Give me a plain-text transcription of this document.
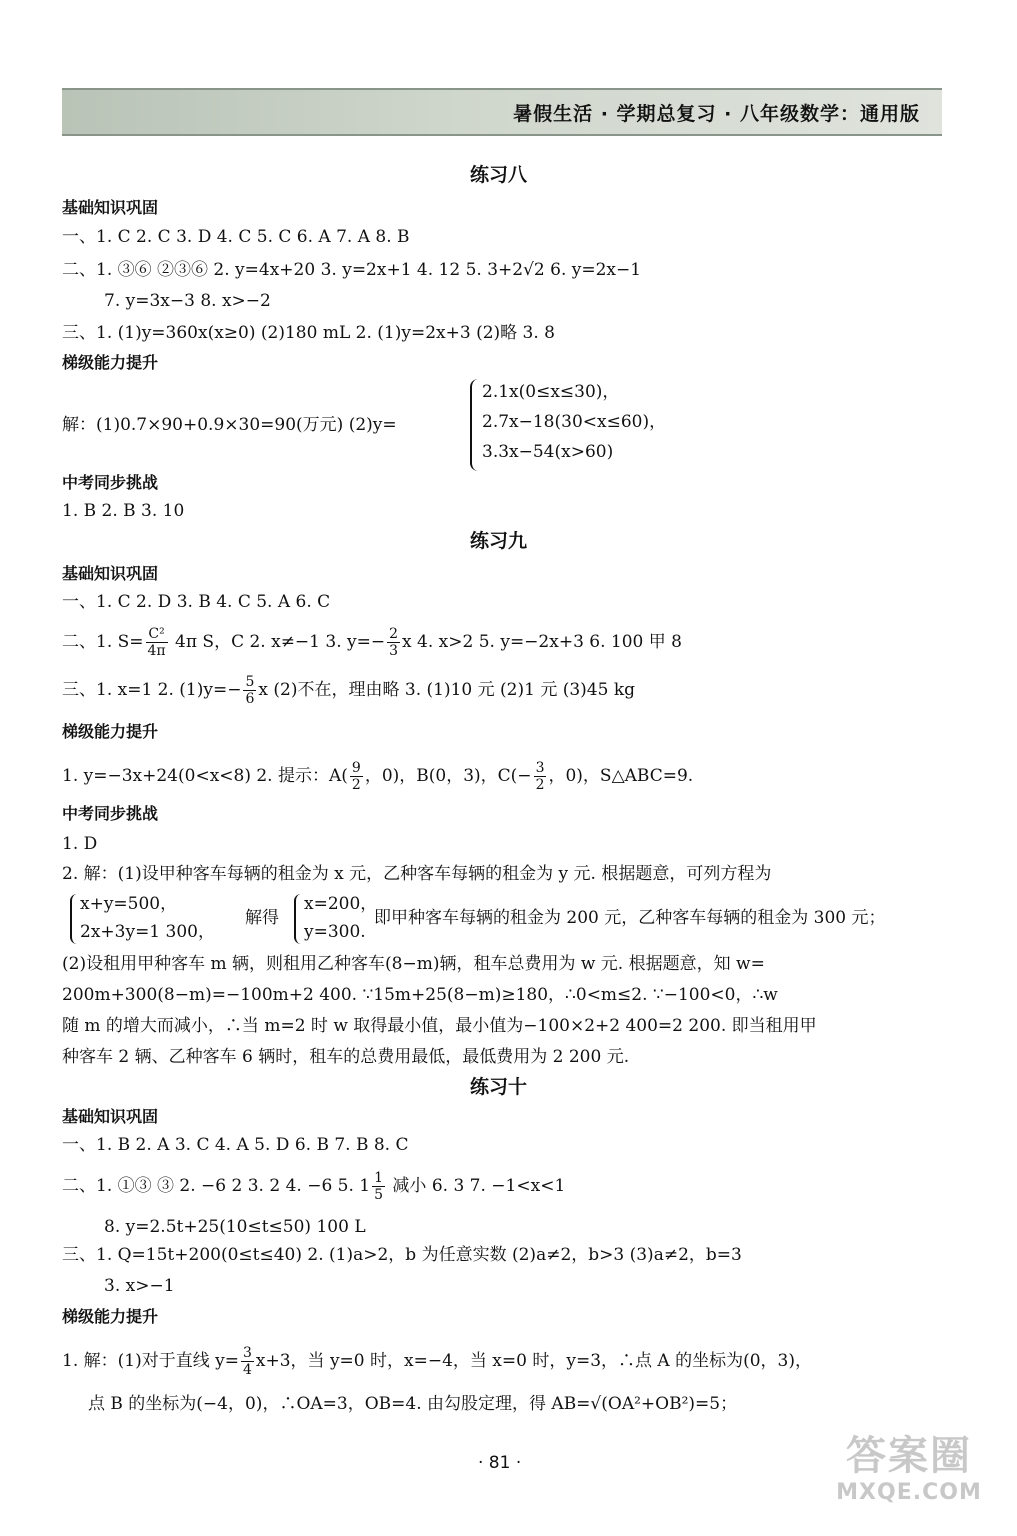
暑假生活 · 学期总复习 · 八年级数学：通用版
练习八
基础知识巩固
一、1. C 2. C 3. D 4. C 5. C 6. A 7. A 8. B
二、1. ③⑥ ②③⑥ 2. y=4x+20 3. y=2x+1 4. 12 5. 3+2√2 6. y=2x−1
7. y=3x−3 8. x>−2
三、1. (1)y=360x(x≥0) (2)180 mL 2. (1)y=2x+3 (2)略 3. 8
梯级能力提升
解：(1)0.7×90+0.9×30=90(万元) (2)y=
2.1x(0≤x≤30)，
2.7x−18(30<x≤60)，
3.3x−54(x>60)
中考同步挑战
1. B 2. B 3. 10
练习九
基础知识巩固
一、1. C 2. D 3. B 4. C 5. A 6. C
二、1. $S= \frac{\text{C²}}{4\pi} 4\pi$ S，C 2. x≠−1 3. $y=- \frac{2}{3}$ x 4. x>2 5. y=−2x+3 6. 100 甲 8
三、1. x=1 2. $(1)y=- \frac{5}{6}$ x (2)不在，理由略 3. (1)10 元 (2)1 元 (3)45 kg
梯级能力提升
1. y=−3x+24(0<x<8) 2. 提示：$A( \frac{9}{2}$ ，0)，B(0，3)，$C(- \frac{3}{2}$ ，0)，S△ABC=9.
中考同步挑战
1. D
2. 解：(1)设甲种客车每辆的租金为 x 元，乙种客车每辆的租金为 y 元. 根据题意，可列方程为
x+y=500，
2x+3y=1 300，
解得
x=200，
y=300.
即甲种客车每辆的租金为 200 元，乙种客车每辆的租金为 300 元；
(2)设租用甲种客车 m 辆，则租用乙种客车(8−m)辆，租车总费用为 w 元. 根据题意，知 w=
200m+300(8−m)=−100m+2 400. ∵15m+25(8−m)≥180，∴0<m≤2. ∵−100<0，∴w
随 m 的增大而减小，∴当 m=2 时 w 取得最小值，最小值为−100×2+2 400=2 200. 即当租用甲
种客车 2 辆、乙种客车 6 辆时，租车的总费用最低，最低费用为 2 200 元.
练习十
基础知识巩固
一、1. B 2. A 3. C 4. A 5. D 6. B 7. B 8. C
二、1. ①③ ③ 2. −6 2 3. 2 4. −6 5. $1 \frac{1}{5}$ 减小 6. 3 7. −1<x<1
8. y=2.5t+25(10≤t≤50) 100 L
三、1. Q=15t+200(0≤t≤40) 2. (1)a>2，b 为任意实数 (2)a≠2，b>3 (3)a≠2，b=3
3. x>−1
梯级能力提升
1. 解：(1)对于直线 $y= \frac{3}{4} x+3$，当 y=0 时，x=−4，当 x=0 时，y=3，∴点 A 的坐标为(0，3)，
点 B 的坐标为(−4，0)，∴OA=3，OB=4. 由勾股定理，得 AB=√(OA²+OB²)=5；
· 81 ·	答案圈
MXQE.COM
